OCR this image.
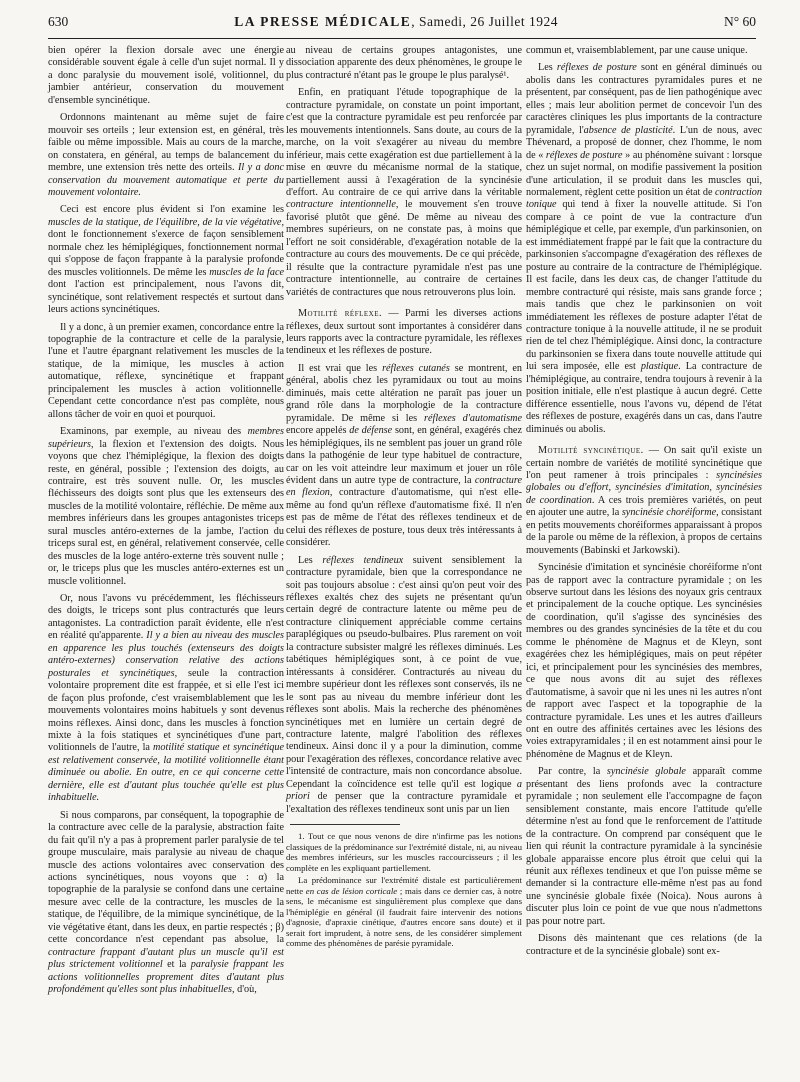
630	LA PRESSE MÉDICALE, Samedi, 26 Juillet 1924	N° 60

bien opérer la flexion dorsale avec une énergie considérable souvent égale à celle d'un sujet normal. Il y a donc paralysie du mouvement isolé, volitionnel, du jambier antérieur, conservation du mouvement d'ensemble syncinétique.

Ordonnons maintenant au même sujet de faire mouvoir ses orteils ; leur extension est, en général, très faible ou même impossible. Mais au cours de la marche, on constatera, en général, au temps de balancement du membre, une extension très nette des orteils. Il y a donc conservation du mouvement automatique et perte du mouvement volontaire.

Ceci est encore plus évident si l'on examine les muscles de la statique, de l'équilibre, de la vie végétative, dont le fonctionnement s'exerce de façon sensiblement normale chez les hémiplégiques, fonctionnement normal qui s'oppose de façon frappante à la paralysie profonde des muscles volitionnels. De même les muscles de la face dont l'action est principalement, nous l'avons dit, syncinétique, sont relativement respectés et surtout dans leurs actions syncinétiques.

Il y a donc, à un premier examen, concordance entre la topographie de la contracture et celle de la paralysie, l'une et l'autre épargnant relativement les muscles de la statique, de la mimique, les muscles à action automatique, réflexe, syncinétique et frappant principalement les muscles à action volitionnelle. Cependant cette concordance n'est pas complète, nous allons tâcher de voir en quoi et pourquoi.

Examinons, par exemple, au niveau des membres supérieurs, la flexion et l'extension des doigts. Nous voyons que chez l'hémiplégique, la flexion des doigts reste, en général, possible ; l'extension des doigts, au contraire, est très souvent nulle. Or, les muscles fléchisseurs des doigts sont plus que les extenseurs des muscles de la motilité volontaire, réfléchie. De même aux membres inférieurs dans les groupes antagonistes triceps sural muscles antéro-externes de la jambe, l'action du triceps sural est, en général, relativement conservée, celle des muscles de la loge antéro-externe très souvent nulle ; or, le triceps plus que les muscles antéro-externes est un muscle volitionnel.

Or, nous l'avons vu précédemment, les fléchisseurs des doigts, le triceps sont plus contracturés que leurs antagonistes. La contradiction paraît évidente, elle n'est en réalité qu'apparente. Il y a bien au niveau des muscles en apparence les plus touchés (extenseurs des doigts antéro-externes) conservation relative des actions posturales et syncinétiques, seule la contraction volontaire proprement dite est frappée, et si elle l'est ici de façon plus profonde, c'est vraisemblablement que les mouvements volontaires moins habituels y sont devenus moins réflexes. Ainsi donc, dans les muscles à fonction mixte à la fois statiques et syncinétiques d'une part, volitionnels de l'autre, la motilité statique et syncinétique est relativement conservée, la motilité volitionnelle étant diminuée ou abolie. En outre, en ce qui concerne cette dernière, elle est d'autant plus touchée qu'elle est plus inhabituelle.

Si nous comparons, par conséquent, la topographie de la contracture avec celle de la paralysie, abstraction faite du fait qu'il n'y a pas à proprement parler paralysie de tel groupe musculaire, mais paralysie au niveau de chaque muscle des actions volontaires avec conservation des actions syncinétiques, nous voyons que : α) la topographie de la paralysie se confond dans une certaine mesure avec celle de la contracture, les muscles de la statique, de l'équilibre, de la mimique syncinétique, de la vie végétative étant, dans les deux, en partie respectés ; β) cette concordance n'est cependant pas absolue, la contracture frappant d'autant plus un muscle qu'il est plus strictement volitionnel et la paralysie frappant les actions volitionnelles proprement dites d'autant plus profondément qu'elles sont plus inhabituelles, d'où,

au niveau de certains groupes antagonistes, une dissociation apparente des deux phénomènes, le groupe le plus contracturé n'étant pas le groupe le plus paralysé¹.

Enfin, en pratiquant l'étude topographique de la contracture pyramidale, on constate un point important, c'est que la contracture pyramidale est peu renforcée par les mouvements intentionnels. Sans doute, au cours de la marche, on la voit s'exagérer au niveau du membre inférieur, mais cette exagération est due partiellement à la mise en œuvre du mécanisme normal de la statique, partiellement aussi à l'exagération de la syncinésie d'effort. Au contraire de ce qui arrive dans la véritable contracture intentionnelle, le mouvement s'en trouve favorisé plutôt que gêné. De même au niveau des membres supérieurs, on ne constate pas, à moins que l'effort ne soit considérable, d'exagération notable de la contracture au cours des mouvements. De ce qui précède, il résulte que la contracture pyramidale n'est pas une contracture intentionnelle, au contraire de certaines variétés de contractures que nous retrouverons plus loin.

Motilité réflexe. — Parmi les diverses actions réflexes, deux surtout sont importantes à considérer dans leurs rapports avec la contracture pyramidale, les réflexes tendineux et les réflexes de posture.

Il est vrai que les réflexes cutanés se montrent, en général, abolis chez les pyramidaux ou tout au moins diminués, mais cette altération ne paraît pas jouer un grand rôle dans la morphologie de la contracture pyramidale. De même si les réflexes d'automatisme encore appelés de défense sont, en général, exagérés chez les hémiplégiques, ils ne semblent pas jouer un grand rôle dans la pathogénie de leur type habituel de contracture, car on les voit atteindre leur maximum et jouer un rôle évident dans un autre type de contracture, la contracture en flexion, contracture d'automatisme, qui n'est elle-même au fond qu'un réflexe d'automatisme fixé. Il n'en est pas de même de l'état des réflexes tendineux et de celui des réflexes de posture, tous deux très intéressants à considérer.

Les réflexes tendineux suivent sensiblement la contracture pyramidale, bien que la correspondance ne soit pas toujours absolue : c'est ainsi qu'on peut voir des réflexes exaltés chez des sujets ne présentant qu'un certain degré de contracture latente ou même peu de contracture cliniquement appréciable comme certains paraplégiques ou pseudo-bulbaires. Plus rarement on voit la contracture subsister malgré les réflexes diminués. Les tabétiques hémiplégiques sont, à ce point de vue, intéressants à considérer. Contracturés au niveau du membre supérieur dont les réflexes sont conservés, ils ne le sont pas au niveau du membre inférieur dont les réflexes sont abolis. Mais la recherche des phénomènes syncinétiques met en lumière un certain degré de contracture latente, malgré l'abolition des réflexes tendineux. Ainsi donc il y a pour la diminution, comme pour l'exagération des réflexes, concordance relative avec l'intensité de contracture, mais non concordance absolue. Cependant la coïncidence est telle qu'il est logique a priori de penser que la contracture pyramidale et l'exaltation des réflexes tendineux sont unis par un lien

1. Tout ce que nous venons de dire n'infirme pas les notions classiques de la prédominance sur l'extrémité distale, ni, au niveau des membres inférieurs, sur les muscles raccourcisseurs ; il les complète en les expliquant partiellement.

La prédominance sur l'extrémité distale est particulièrement nette en cas de lésion corticale ; mais dans ce dernier cas, à notre sens, le mécanisme est singulièrement plus complexe que dans l'hémiplégie en général (il faudrait faire intervenir des notions d'agnosie, d'apraxie cinétique, d'autres encore sans doute) et il serait fort imprudent, à notre sens, de les considérer simplement comme des phénomènes de parésie pyramidale.

commun et, vraisemblablement, par une cause unique.

Les réflexes de posture sont en général diminués ou abolis dans les contractures pyramidales pures et ne présentent, par conséquent, pas de lien pathogénique avec elles ; mais leur abolition permet de concevoir l'un des caractères cliniques les plus importants de la contracture pyramidale, l'absence de plasticité. L'un de nous, avec Thévenard, a proposé de donner, chez l'homme, le nom de « réflexes de posture » au phénomène suivant : lorsque chez un sujet normal, on modifie passivement la position d'une articulation, il se produit dans les muscles qui, normalement, règlent cette position un état de contraction tonique qui tend à fixer la nouvelle attitude. Si l'on compare à ce point de vue la contracture d'un hémiplégique et celle, par exemple, d'un parkinsonien, on est immédiatement frappé par le fait que la contracture du parkinsonien s'accompagne d'exagération des réflexes de posture au contraire de la contracture de l'hémiplégique. Il est facile, dans les deux cas, de changer l'attitude du membre contracturé qui résiste, mais sans grande force ; mais tandis que chez le parkinsonien on voit immédiatement les réflexes de posture adapter l'état de contracture tonique à la nouvelle attitude, il ne se produit rien de tel chez l'hémiplégique. Ainsi donc, la contracture du parkinsonien se fixera dans toute nouvelle attitude qui lui sera imposée, elle est plastique. La contracture de l'hémiplégique, au contraire, tendra toujours à revenir à la position initiale, elle n'est plastique à aucun degré. Cette différence essentielle, nous l'avons vu, dépend de l'état des réflexes de posture, exagérés dans un cas, dans l'autre diminués ou abolis.

Motilité syncinétique. — On sait qu'il existe un certain nombre de variétés de motilité syncinétique que l'on peut ramener à trois principales : syncinésies globales ou d'effort, syncinésies d'imitation, syncinésies de coordination. A ces trois premières variétés, on peut en ajouter une autre, la syncinésie choréiforme, consistant en petits mouvements choréiformes apparaissant à propos de la parole ou même de la réflexion, à propos de certains mouvements (Babinski et Jarkowski).

Syncinésie d'imitation et syncinésie choréiforme n'ont pas de rapport avec la contracture pyramidale ; on les observe surtout dans les lésions des noyaux gris centraux et principalement de la couche optique. Les syncinésies de coordination, qu'il s'agisse des syncinésies des membres ou des grandes syncinésies de la tête et du cou comme le phénomène de Magnus et de Kleyn, sont exagérées chez les hémiplégiques, mais on peut répéter ici, et principalement pour les syncinésies des membres, ce que nous avons dit au sujet des réflexes d'automatisme, à savoir que ni les unes ni les autres n'ont de rapport avec l'aspect et la topographie de la contracture pyramidale. Les unes et les autres d'ailleurs ont en outre des affinités certaines avec les lésions des voies extrapyramidales ; il en est notamment ainsi pour le phénomène de Magnus et de Kleyn.

Par contre, la syncinésie globale apparaît comme présentant des liens profonds avec la contracture pyramidale ; non seulement elle l'accompagne de façon sensiblement constante, mais encore l'attitude qu'elle détermine n'est au fond que le renforcement de l'attitude de la contracture. On comprend par conséquent que le lien qui réunit la contracture pyramidale à la syncinésie globale apparaisse encore plus étroit que celui qui la réunit aux réflexes tendineux et que l'on puisse même se demander si la contracture elle-même n'est pas au fond une syncinésie globale fixée (Noica). Nous aurons à discuter plus loin ce point de vue que nous n'admettons pas pour notre part.

Disons dès maintenant que ces relations (de la contracture et de la syncinésie globale) sont ex-
